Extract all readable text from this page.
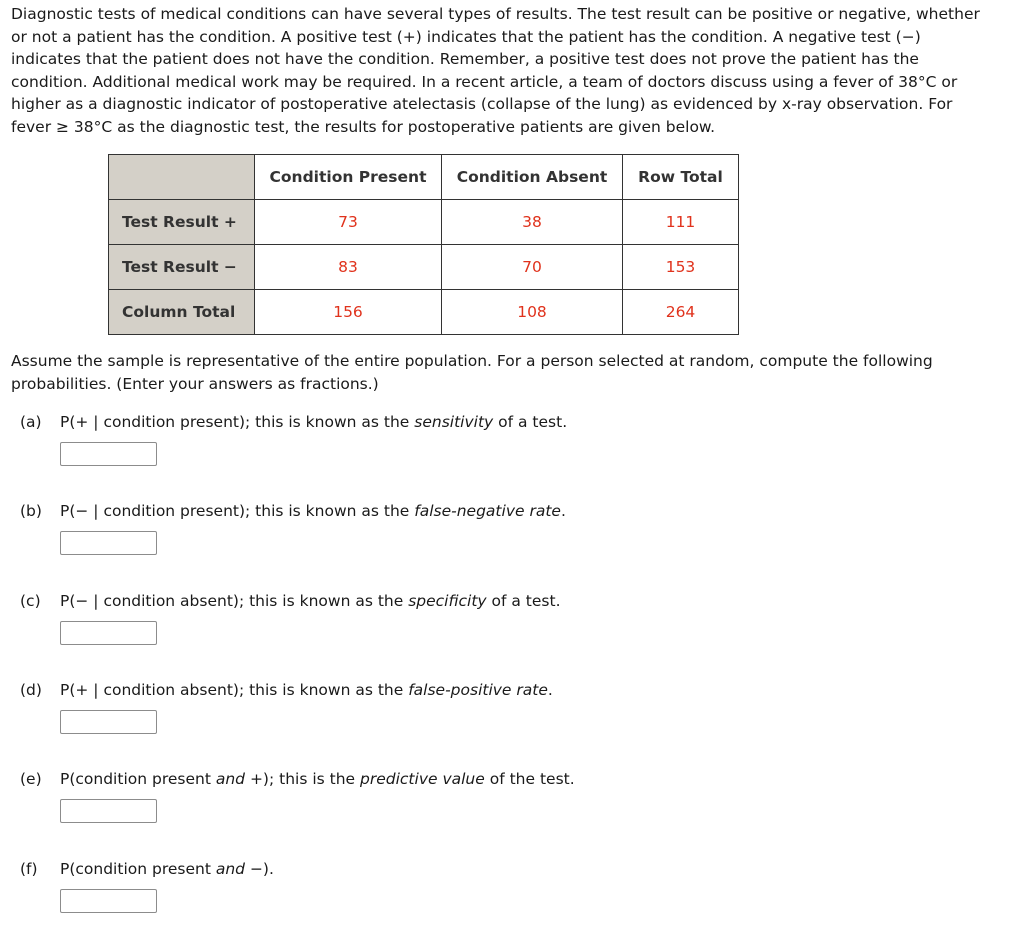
Diagnostic tests of medical conditions can have several types of results. The test result can be positive or negative, whether
or not a patient has the condition. A positive test (+) indicates that the patient has the condition. A negative test (−)
indicates that the patient does not have the condition. Remember, a positive test does not prove the patient has the
condition. Additional medical work may be required. In a recent article, a team of doctors discuss using a fever of 38°C or
higher as a diagnostic indicator of postoperative atelectasis (collapse of the lung) as evidenced by x-ray observation. For
fever ≥ 38°C as the diagnostic test, the results for postoperative patients are given below.
	Condition Present	Condition Absent	Row Total
Test Result +	73	38	111
Test Result −	83	70	153
Column Total	156	108	264
Assume the sample is representative of the entire population. For a person selected at random, compute the following
probabilities. (Enter your answers as fractions.)
(a) P(+ | condition present); this is known as the sensitivity of a test.
(b) P(− | condition present); this is known as the false-negative rate.
(c) P(− | condition absent); this is known as the specificity of a test.
(d) P(+ | condition absent); this is known as the false-positive rate.
(e) P(condition present and +); this is the predictive value of the test.
(f) P(condition present and −).
